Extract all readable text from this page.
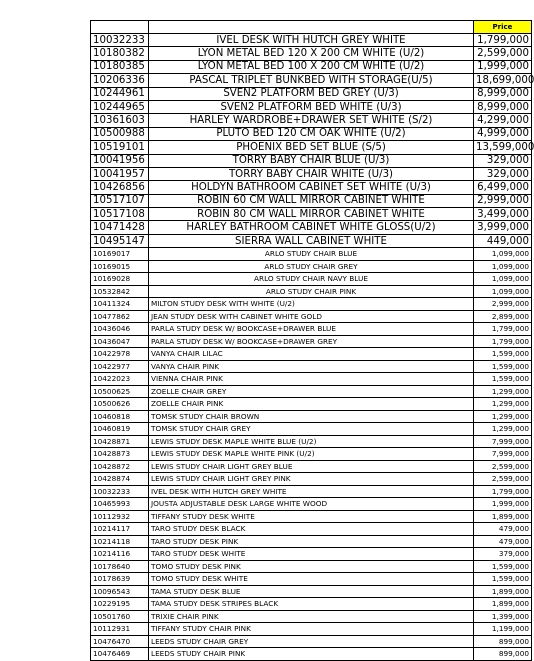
		Price
10032233	IVEL DESK WITH HUTCH GREY WHITE	1,799,000
10180382	LYON METAL BED 120 X 200 CM WHITE (U/2)	2,599,000
10180385	LYON METAL BED 100 X 200 CM WHITE (U/2)	1,999,000
10206336	PASCAL TRIPLET BUNKBED WITH STORAGE(U/5)	18,699,000
10244961	SVEN2 PLATFORM BED GREY (U/3)	8,999,000
10244965	SVEN2 PLATFORM BED WHITE (U/3)	8,999,000
10361603	HARLEY WARDROBE+DRAWER SET WHITE (S/2)	4,299,000
10500988	PLUTO BED 120 CM OAK WHITE (U/2)	4,999,000
10519101	PHOENIX BED SET BLUE (S/5)	13,599,000
10041956	TORRY BABY CHAIR BLUE (U/3)	329,000
10041957	TORRY BABY CHAIR WHITE (U/3)	329,000
10426856	HOLDYN BATHROOM CABINET SET WHITE (U/3)	6,499,000
10517107	ROBIN 60 CM WALL MIRROR CABINET WHITE	2,999,000
10517108	ROBIN 80 CM WALL MIRROR CABINET WHITE	3,499,000
10471428	HARLEY BATHROOM CABINET WHITE GLOSS(U/2)	3,999,000
10495147	SIERRA WALL CABINET WHITE	449,000
10169017	ARLO STUDY CHAIR BLUE	1,099,000
10169015	ARLO STUDY CHAIR GREY	1,099,000
10169028	ARLO STUDY CHAIR NAVY BLUE	1,099,000
10532842	ARLO STUDY CHAIR PINK	1,099,000
10411324	MILTON STUDY DESK WITH WHITE (U/2)	2,999,000
10477862	JEAN STUDY DESK WITH CABINET WHITE GOLD	2,899,000
10436046	PARLA STUDY DESK W/ BOOKCASE+DRAWER BLUE	1,799,000
10436047	PARLA STUDY DESK W/ BOOKCASE+DRAWER GREY	1,799,000
10422978	VANYA CHAIR LILAC	1,599,000
10422977	VANYA CHAIR PINK	1,599,000
10422023	VIENNA CHAIR PINK	1,599,000
10500625	ZOELLE CHAIR GREY	1,299,000
10500626	ZOELLE CHAIR PINK	1,299,000
10460818	TOMSK STUDY CHAIR BROWN	1,299,000
10460819	TOMSK STUDY CHAIR GREY	1,299,000
10428871	LEWIS STUDY DESK MAPLE WHITE BLUE (U/2)	7,999,000
10428873	LEWIS STUDY DESK MAPLE WHITE PINK (U/2)	7,999,000
10428872	LEWIS STUDY CHAIR LIGHT GREY BLUE	2,599,000
10428874	LEWIS STUDY CHAIR LIGHT GREY PINK	2,599,000
10032233	IVEL DESK WITH HUTCH GREY WHITE	1,799,000
10465993	JOUSTA ADJUSTABLE DESK LARGE WHITE WOOD	1,999,000
10112932	TIFFANY STUDY DESK WHITE	1,899,000
10214117	TARO STUDY DESK BLACK	479,000
10214118	TARO STUDY DESK PINK	479,000
10214116	TARO STUDY DESK WHITE	379,000
10178640	TOMO STUDY DESK PINK	1,599,000
10178639	TOMO STUDY DESK WHITE	1,599,000
10096543	TAMA STUDY DESK BLUE	1,899,000
10229195	TAMA STUDY DESK STRIPES BLACK	1,899,000
10501760	TRIXIE CHAIR PINK	1,399,000
10112931	TIFFANY STUDY CHAIR PINK	1,199,000
10476470	LEEDS STUDY CHAIR GREY	899,000
10476469	LEEDS STUDY CHAIR PINK	899,000
